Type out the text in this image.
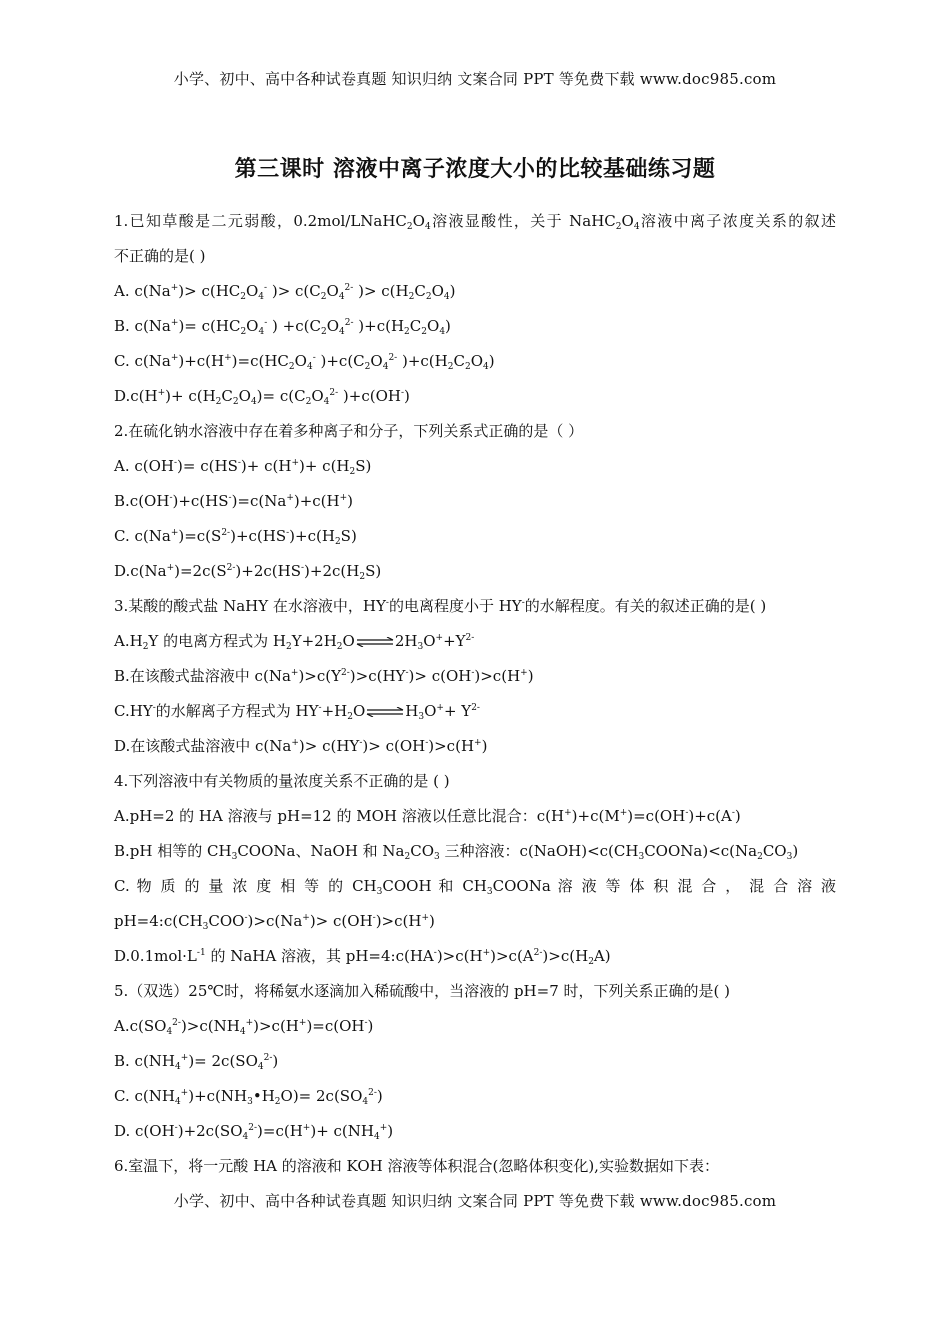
小学、初中、高中各种试卷真题 知识归纳 文案合同 PPT 等免费下载 www.doc985.com
第三课时 溶液中离子浓度大小的比较基础练习题
1.已知草酸是二元弱酸，$0.2mol/LNaHC_2O_4$溶液显酸性，关于 $NaHC_2O_4$溶液中离子浓度关系的叙述
不正确的是( )
A. $c(Na^+)> c(HC_2O_4^-$ )> $c(C_2O_4^{2-}$ )> $c(H_2C_2O_4)$
B. $c(Na^+)= c(HC_2O_4^-$ ) $+c(C_2O_4^{2-}$ )$+c(H_2C_2O_4)$
C. $c(Na^+)+c(H^+)=c(HC_2O_4^-$ )$+c(C_2O_4^{2-}$ )$+c(H_2C_2O_4)$
$D.c(H^+)+ c(H_2C_2O_4)= c(C_2O_4^{2-}$ )+c(OH-)
2.在硫化钠水溶液中存在着多种离子和分子，下列关系式正确的是（ ）
A. $c(OH^-)= c(HS^-)+ c(H^+)+ c(H_2S)$
B.c(OH-)+c(HS-)=c(Na+)+c(H+)
C. $c(Na^+)=c(S^{2-})+c(HS^-)+c(H_2S)$
$D.c(Na^+)=2c(S^{2-})+2c(HS^-)+2c(H_2S)$
3.某酸的酸式盐 NaHY 在水溶液中，HY-的电离程度小于 HY-的水解程度。有关的叙述正确的是( )
$A.H_2Y$ 的电离方程式为 $H_2Y+2H_2O\rightleftharpoons 2H_3O^++Y^{2-}$
B.在该酸式盐溶液中 $c(Na^+)>c(Y^{2-})>c(HY^-)> c(OH^-)>c(H^+)$
C.HY-的水解离子方程式为 $HY^-+H_2O\rightleftharpoons H_3O^++ Y^{2-}$
D.在该酸式盐溶液中 c(Na+)> c(HY-)> c(OH-)>c(H+)
4.下列溶液中有关物质的量浓度关系不正确的是 ( )
A.pH=2 的 HA 溶液与 pH=12 的 MOH 溶液以任意比混合：c(H+)+c(M+)=c(OH-)+c(A-)
B.pH 相等的 $CH_3COONa$、NaOH 和 $Na_2CO_3$ 三种溶液：$c(NaOH)<c(CH_3COONa)<c(Na_2CO_3)$
C. 物 质 的 量 浓 度 相 等 的 $CH_3COOH$ 和 $CH_3COONa$ 溶 液 等 体 积 混 合 ， 混 合 溶 液
$pH=4:c(CH_3COO^-)>c(Na^+)> c(OH^-)>c(H^+)$
$D.0.1mol\cdot L^{-1}$ 的 NaHA 溶液，其 $pH=4:c(HA^-)>c(H^+)>c(A^{2-})>c(H_2A)$
5.（双选）25℃时，将稀氨水逐滴加入稀硫酸中，当溶液的 pH=7 时，下列关系正确的是( )
$A.c(SO_4^{2-})>c(NH_4^+)>c(H^+)=c(OH^-)$
B. $c(NH_4^+)= 2c(SO_4^{2-})$
C. $c(NH_4^+)+c(NH_3•H_2O)= 2c(SO_4^{2-})$
D. $c(OH^-)+2c(SO_4^{2-})=c(H^+)+ c(NH_4^+)$
6.室温下，将一元酸 HA 的溶液和 KOH 溶液等体积混合(忽略体积变化),实验数据如下表：
小学、初中、高中各种试卷真题 知识归纳 文案合同 PPT 等免费下载 www.doc985.com
